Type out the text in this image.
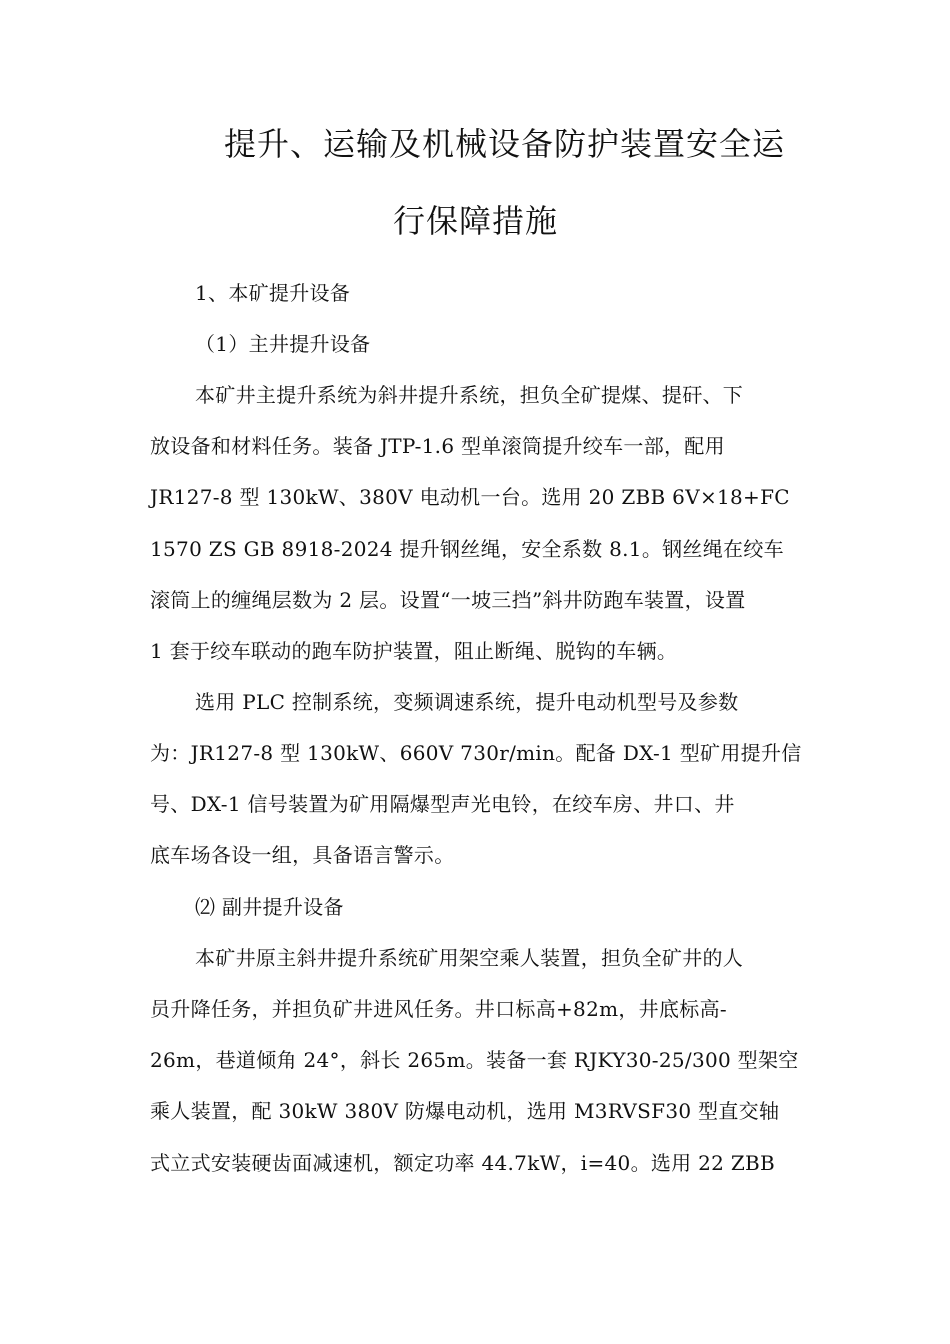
提升、运输及机械设备防护装置安全运
行保障措施
1、本矿提升设备
（1）主井提升设备
本矿井主提升系统为斜井提升系统，担负全矿提煤、提矸、下
放设备和材料任务。装备 JTP-1.6 型单滚筒提升绞车一部，配用
JR127-8 型 130kW、380V 电动机一台。选用 20 ZBB 6V×18+FC
1570 ZS GB 8918-2024 提升钢丝绳，安全系数 8.1。钢丝绳在绞车
滚筒上的缠绳层数为 2 层。设置“一坡三挡”斜井防跑车装置，设置
1 套于绞车联动的跑车防护装置，阻止断绳、脱钩的车辆。
选用 PLC 控制系统，变频调速系统，提升电动机型号及参数
为：JR127-8 型 130kW、660V 730r/min。配备 DX-1 型矿用提升信
号、DX-1 信号装置为矿用隔爆型声光电铃，在绞车房、井口、井
底车场各设一组，具备语言警示。
⑵ 副井提升设备
本矿井原主斜井提升系统矿用架空乘人装置，担负全矿井的人
员升降任务，并担负矿井进风任务。井口标高+82m，井底标高-
26m，巷道倾角 24°，斜长 265m。装备一套 RJKY30-25/300 型架空
乘人装置，配 30kW 380V 防爆电动机，选用 M3RVSF30 型直交轴
式立式安装硬齿面减速机，额定功率 44.7kW，i=40。选用 22 ZBB
